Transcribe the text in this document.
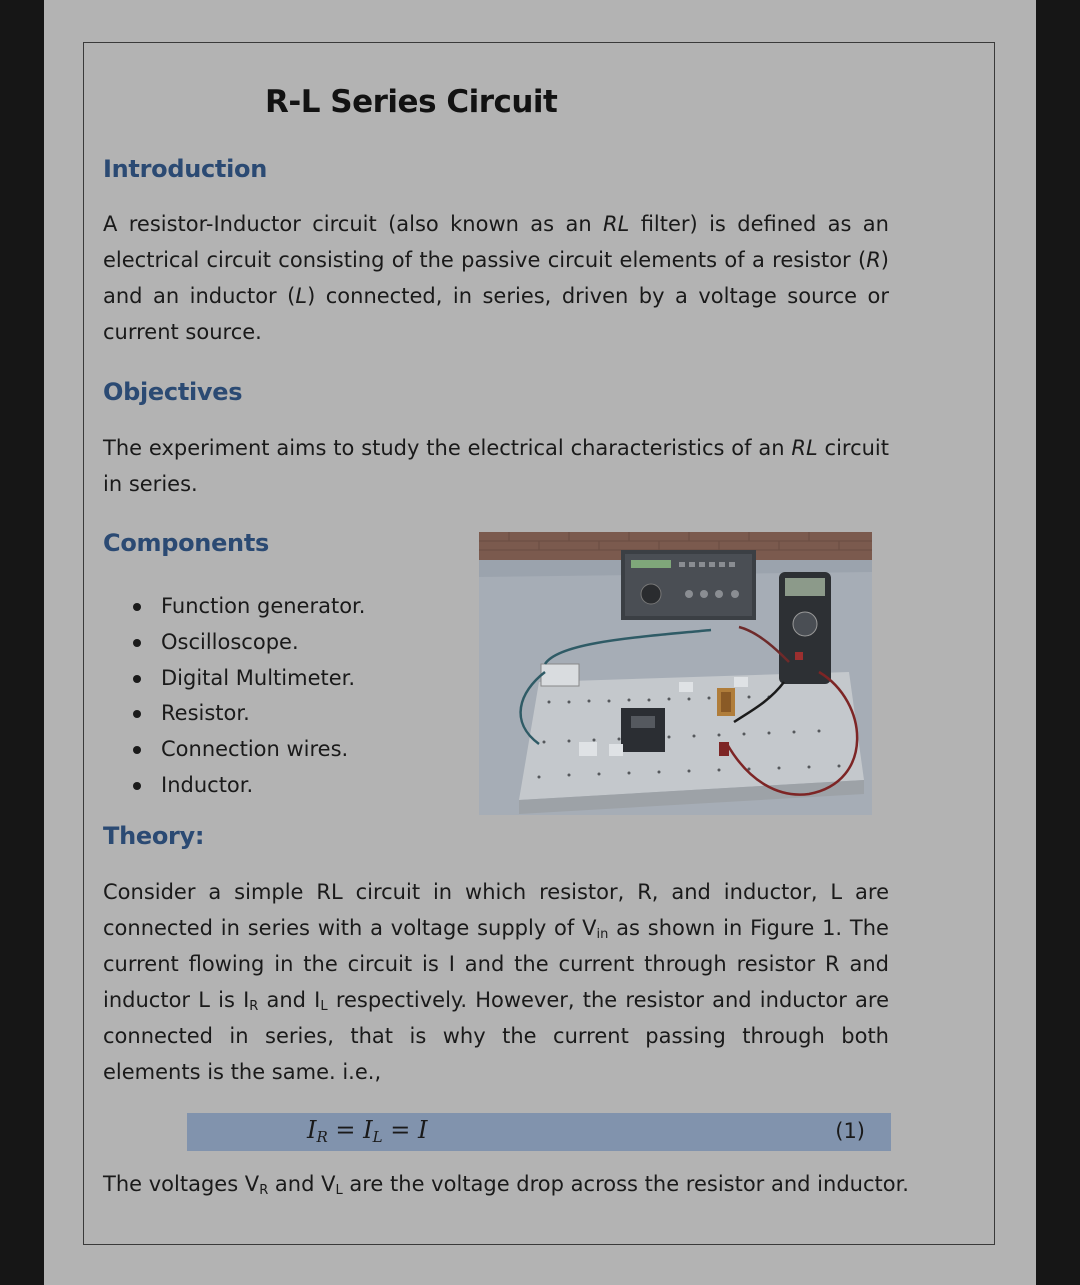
R-L Series Circuit
Introduction

A resistor-Inductor circuit (also known as an RL filter) is defined as an electrical circuit consisting of the passive circuit elements of a resistor (R) and an inductor (L) connected, in series, driven by a voltage source or current source.

Objectives

The experiment aims to study the electrical characteristics of an RL circuit in series.

Components
Function generator.
Oscilloscope.
Digital Multimeter.
Resistor.
Connection wires.
Inductor.
Theory:

Consider a simple RL circuit in which resistor, R, and inductor, L are connected in series with a voltage supply of $V_{in}$ as shown in Figure 1. The current flowing in the circuit is I and the current through resistor R and inductor L is $I_R$ and $I_L$ respectively. However, the resistor and inductor are connected in series, that is why the current passing through both elements is the same. i.e.,

$I_R = I_L = I$	(1)

The voltages $V_R$ and $V_L$ are the voltage drop across the resistor and inductor.
